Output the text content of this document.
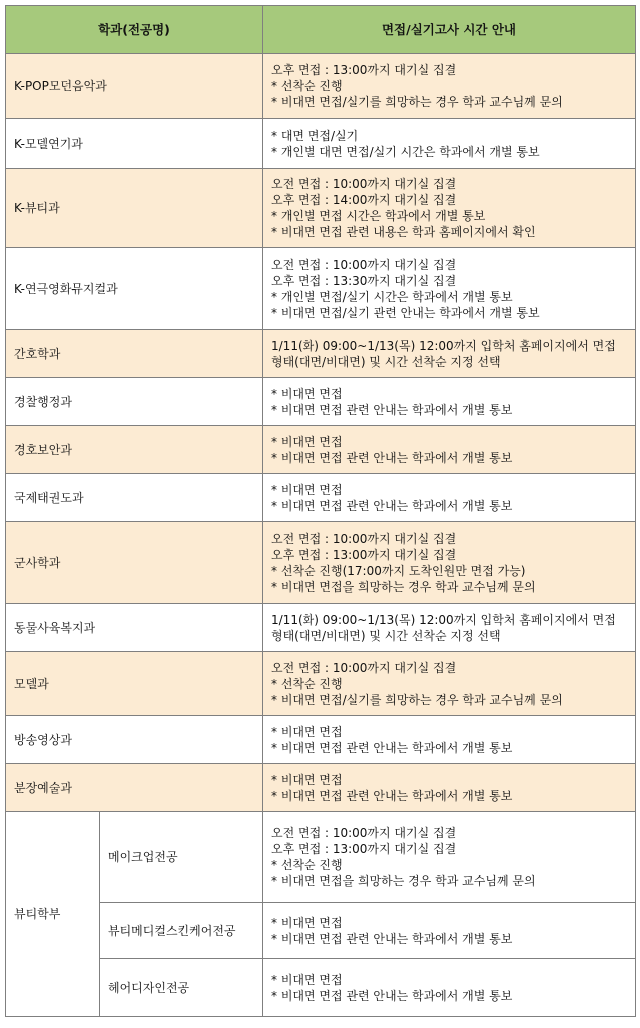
학과(전공명)		면접/실기고사 시간 안내
K-POP모던음악과		오후 면접 : 13:00까지 대기실 집결
* 선착순 진행
* 비대면 면접/실기를 희망하는 경우 학과 교수님께 문의
K-모델연기과		* 대면 면접/실기
* 개인별 대면 면접/실기 시간은 학과에서 개별 통보
K-뷰티과		오전 면접 : 10:00까지 대기실 집결
오후 면접 : 14:00까지 대기실 집결
* 개인별 면접 시간은 학과에서 개별 통보
* 비대면 면접 관련 내용은 학과 홈페이지에서 확인
K-연극영화뮤지컬과		오전 면접 : 10:00까지 대기실 집결
오후 면접 : 13:30까지 대기실 집결
* 개인별 면접/실기 시간은 학과에서 개별 통보
* 비대면 면접/실기 관련 안내는 학과에서 개별 통보
간호학과		1/11(화) 09:00~1/13(목) 12:00까지 입학처 홈페이지에서 면접 형태(대면/비대면) 및 시간 선착순 지정 선택
경찰행정과		* 비대면 면접
* 비대면 면접 관련 안내는 학과에서 개별 통보
경호보안과		* 비대면 면접
* 비대면 면접 관련 안내는 학과에서 개별 통보
국제태권도과		* 비대면 면접
* 비대면 면접 관련 안내는 학과에서 개별 통보
군사학과		오전 면접 : 10:00까지 대기실 집결
오후 면접 : 13:00까지 대기실 집결
* 선착순 진행(17:00까지 도착인원만 면접 가능)
* 비대면 면접을 희망하는 경우 학과 교수님께 문의
동물사육복지과		1/11(화) 09:00~1/13(목) 12:00까지 입학처 홈페이지에서 면접 형태(대면/비대면) 및 시간 선착순 지정 선택
모델과		오전 면접 : 10:00까지 대기실 집결
* 선착순 진행
* 비대면 면접/실기를 희망하는 경우 학과 교수님께 문의
방송영상과		* 비대면 면접
* 비대면 면접 관련 안내는 학과에서 개별 통보
분장예술과		* 비대면 면접
* 비대면 면접 관련 안내는 학과에서 개별 통보
뷰티학부	메이크업전공	오전 면접 : 10:00까지 대기실 집결
오후 면접 : 13:00까지 대기실 집결
* 선착순 진행
* 비대면 면접을 희망하는 경우 학과 교수님께 문의
	뷰티메디컬스킨케어전공	* 비대면 면접
* 비대면 면접 관련 안내는 학과에서 개별 통보
	헤어디자인전공	* 비대면 면접
* 비대면 면접 관련 안내는 학과에서 개별 통보
